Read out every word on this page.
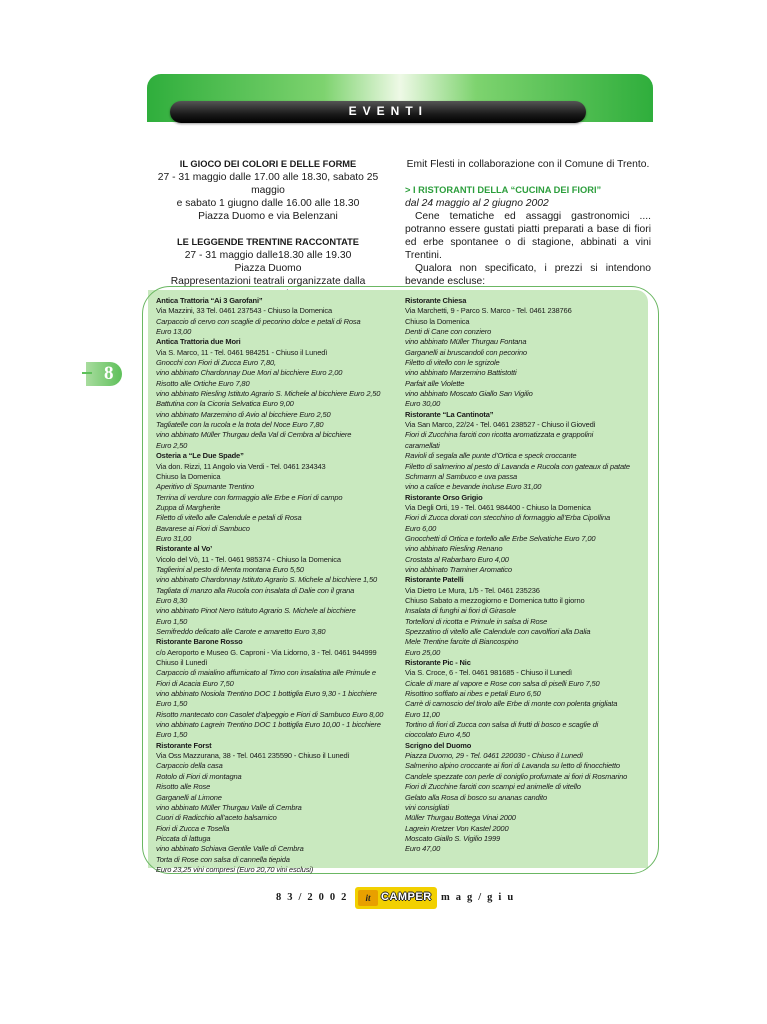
EVENTI
8
IL GIOCO DEI COLORI E DELLE FORME
27 - 31 maggio dalle 17.00 alle 18.30, sabato 25 maggio
e sabato 1 giugno dalle 16.00 alle 18.30
Piazza Duomo e via Belenzani
LE LEGGENDE TRENTINE RACCONTATE
27 - 31 maggio dalle18.30 alle 19.30
Piazza Duomo
Rappresentazioni teatrali organizzate dalla
Emit Flesti in collaborazione con il Comune di Trento.
> I RISTORANTI DELLA “CUCINA DEI FIORI”
dal 24 maggio al 2 giugno 2002
Cene tematiche ed assaggi gastronomici .... potranno essere gustati piatti preparati a base di fiori ed erbe spontanee o di stagione, abbinati a vini Trentini.
Qualora non specificato, i prezzi si intendono bevande escluse:
Antica Trattoria “Ai 3 Garofani”
Via Mazzini, 33 Tel. 0461 237543 - Chiuso la Domenica
Carpaccio di cervo con scaglie di pecorino dolce e petali di Rosa
Euro 13,00
Antica Trattoria due Mori
Via S. Marco, 11 - Tel. 0461 984251 - Chiuso il Lunedì
Gnocchi con Fiori di Zucca Euro 7,80,
vino abbinato Chardonnay Due Mori al bicchiere Euro 2,00
Risotto alle Ortiche Euro 7,80
vino abbinato Riesling Istituto Agrario S. Michele al bicchiere Euro 2,50
Battutina con la Cicoria Selvatica Euro 9,00
vino abbinato Marzemino di Avio al bicchiere Euro 2,50
Tagliatelle con la rucola e la trota del Noce Euro 7,80
vino abbinato Müller Thurgau della Val di Cembra al bicchiere
Euro 2,50
Osteria a “Le Due Spade”
Via don. Rizzi, 11 Angolo via Verdi - Tel. 0461 234343
Chiuso la Domenica
Aperitivo di Spumante Trentino
Terrina di verdure con formaggio alle Erbe e Fiori di campo
Zuppa di Margherite
Filetto di vitello alle Calendule e petali di Rosa
Bavarese ai Fiori di Sambuco
Euro 31,00
Ristorante al Vo’
Vicolo del Vò, 11 - Tel. 0461 985374 - Chiuso la Domenica
Taglierini al pesto di Menta montana Euro 5,50
vino abbinato Chardonnay Istituto Agrario S. Michele al bicchiere 1,50
Tagliata di manzo alla Rucola con insalata di Dalie con il grana
Euro 8,30
vino abbinato Pinot Nero Istituto Agrario S. Michele al bicchiere
Euro 1,50
Semifreddo delicato alle Carote e amaretto Euro 3,80
Ristorante Barone Rosso
c/o Aeroporto e Museo G. Caproni - Via Lidorno, 3 - Tel. 0461 944999
Chiuso il Lunedì
Carpaccio di maialino affumicato al Timo con insalatina alle Primule e
Fiori di Acacia Euro 7,50
vino abbinato Nosiola Trentino DOC 1 bottiglia Euro 9,30 - 1 bicchiere
Euro 1,50
Risotto mantecato con Casolet d’alpeggio e Fiori di Sambuco Euro 8,00
vino abbinato Lagrein Trentino DOC 1 bottiglia Euro 10,00 - 1 bicchiere
Euro 1,50
Ristorante Forst
Via Oss Mazzurana, 38 - Tel. 0461 235590 - Chiuso il Lunedì
Carpaccio della casa
Rotolo di Fiori di montagna
Risotto alle Rose
Garganelli al Limone
vino abbinato Müller Thurgau Valle di Cembra
Cuori di Radicchio all’aceto balsamico
Fiori di Zucca e Tosella
Piccata di lattuga
vino abbinato Schiava Gentile Valle di Cembra
Torta di Rose con salsa di cannella tiepida
Euro 23,25 vini compresi (Euro 20,70 vini esclusi)
Ristorante Chiesa
Via Marchetti, 9 - Parco S. Marco - Tel. 0461 238766
Chiuso la Domenica
Denti di Cane con conziero
vino abbinato Müller Thurgau Fontana
Garganelli ai bruscandoli con pecorino
Filetto di vitello con le sgrizole
vino abbinato Marzemino Battistotti
Parfait alle Violette
vino abbinato Moscato Giallo San Vigilio
Euro 30,00
Ristorante “La Cantinota”
Via San Marco, 22/24 - Tel. 0461 238527 - Chiuso il Giovedì
Fiori di Zucchina farciti con ricotta aromatizzata e grappolini
caramellati
Ravioli di segala alle punte d’Ortica e speck croccante
Filetto di salmerino al pesto di Lavanda e Rucola con gateaux di patate
Schmarrn al Sambuco e uva passa
vino a calice e bevande incluse Euro 31,00
Ristorante Orso Grigio
Via Degli Orti, 19 - Tel. 0461 984400 - Chiuso la Domenica
Fiori di Zucca dorati con stecchino di formaggio all’Erba Cipollina
Euro 6,00
Gnocchetti di Ortica e tortello alle Erbe Selvatiche Euro 7,00
vino abbinato Riesling Renano
Crostata al Rabarbaro Euro 4,00
vino abbinato Traminer Aromatico
Ristorante Patelli
Via Dietro Le Mura, 1/5 - Tel. 0461 235236
Chiuso Sabato a mezzogiorno e Domenica tutto il giorno
Insalata di funghi ai fiori di Girasole
Tortelloni di ricotta e Primule in salsa di Rose
Spezzatino di vitello alle Calendule con cavolfiori alla Dalia
Mele Trentine farcite di Biancospino
Euro 25,00
Ristorante Pic - Nic
Via S. Croce, 6 - Tel. 0461 981685 - Chiuso il Lunedì
Cicale di mare al vapore e Rose con salsa di piselli Euro 7,50
Risottino soffiato ai ribes e petali Euro 6,50
Carrè di camoscio del tirolo alle Erbe di monte con polenta grigliata
Euro 11,00
Tortino di fiori di Zucca con salsa di frutti di bosco e scaglie di
cioccolato Euro 4,50
Scrigno del Duomo
Piazza Duomo, 29 - Tel. 0461 220030 - Chiuso il Lunedì
Salmerino alpino croccante ai fiori di Lavanda su letto di finocchietto
Candele spezzate con perle di coniglio profumate ai fiori di Rosmarino
Fiori di Zucchine farciti con scampi ed animelle di vitello
Gelato alla Rosa di bosco su ananas candito
vini consigliati
Müller Thurgau Bottega Vinai 2000
Lagrein Kretzer Von Kastel 2000
Moscato Giallo S. Vigilio 1999
Euro 47,00
83/2002	it CAMPER mag/giu
